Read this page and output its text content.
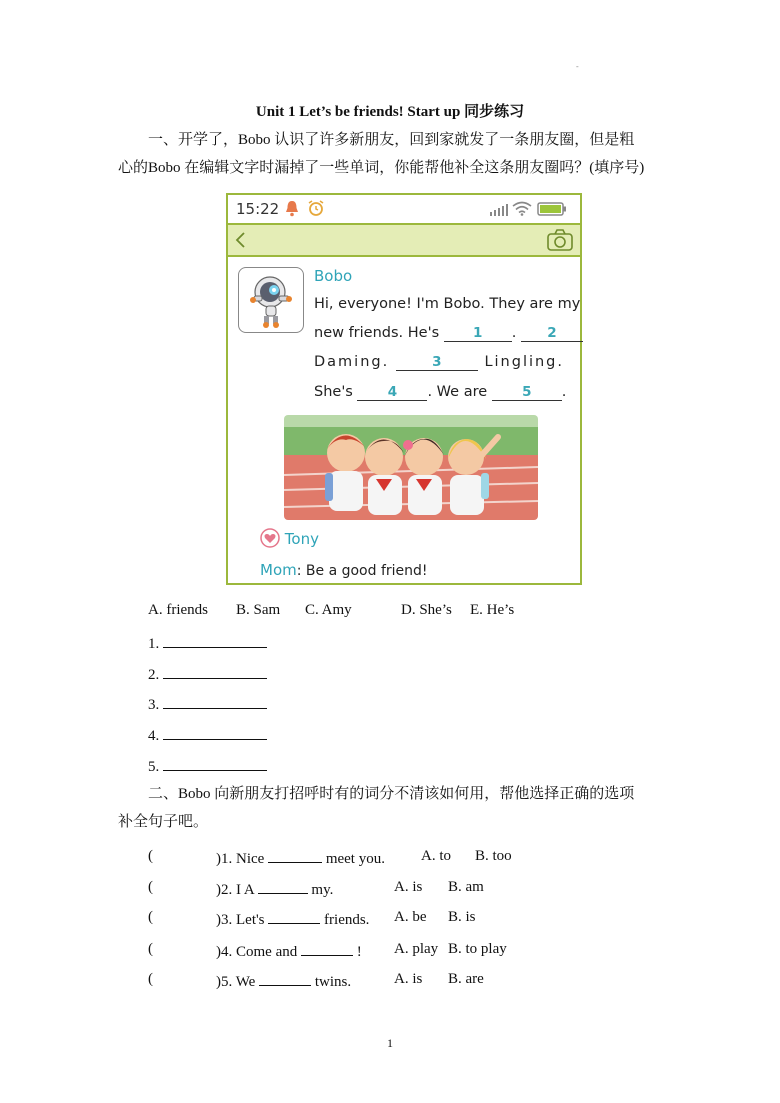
-
Unit 1 Let’s be friends! Start up 同步练习
一、开学了，Bobo 认识了许多新朋友，回到家就发了一条朋友圈，但是粗
心的Bobo 在编辑文字时漏掉了一些单词，你能帮他补全这条朋友圈吗？(填序号)
15:22
Bobo
Hi, everyone! I'm Bobo. They are my
new friends. He's	1 . 2
Daming.	3	Lingling.
She's	4 . We are	5 .
Tony
Mom: Be a good friend!
A. friends B. Sam C. Amy	D. She’s E. He’s
1.
2.
3.
4.
5.
二、Bobo 向新朋友打招呼时有的词分不清该如何用，帮他选择正确的选项
补全句子吧。
(	)1. Nice	meet you. A. to B. too
(	)2. I A	my.	A. is B. am
(	)3. Let's	friends. A. be B. is
(	)4. Come and	! A. play B. to play
(	)5. We	twins.	A. is B. are
1
